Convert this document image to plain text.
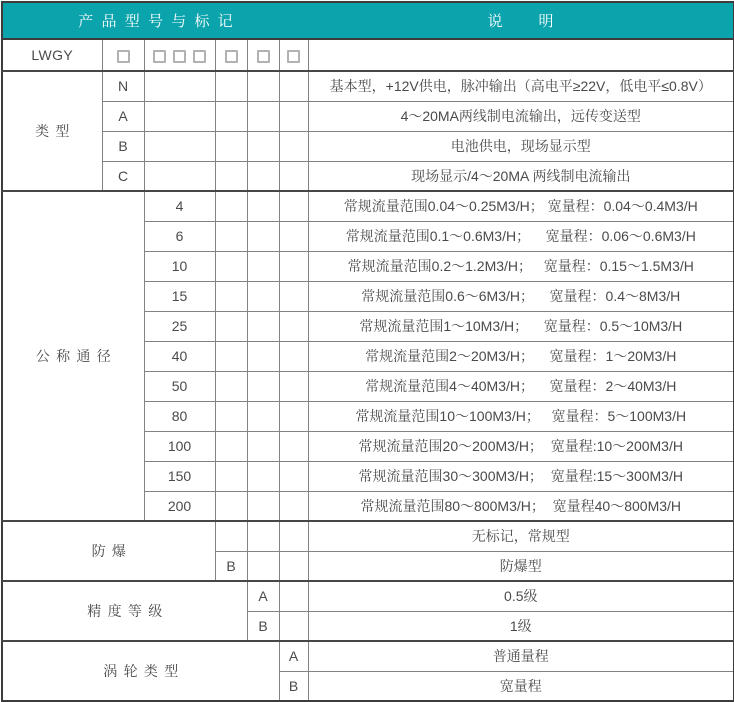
产品型号与标记						说明
LWGY						
类型	N					基本型，+12V供电，脉冲输出（高电平≥22V，低电平≤0.8V）
	A					4～20MA两线制电流输出，远传变送型
	B					电池供电，现场显示型
	C					现场显示/4～20MA 两线制电流输出
公称通径		4				常规流量范围0.04～0.25M3/H； 宽量程：0.04～0.4M3/H
		6				常规流量范围0.1～0.6M3/H；    宽量程：0.06～0.6M3/H
		10				常规流量范围0.2～1.2M3/H；   宽量程：0.15～1.5M3/H
		15				常规流量范围0.6～6M3/H；    宽量程：0.4～8M3/H
		25				常规流量范围1～10M3/H；    宽量程：0.5～10M3/H
		40				常规流量范围2～20M3/H；    宽量程：1～20M3/H
		50				常规流量范围4～40M3/H；    宽量程：2～40M3/H
		80				常规流量范围10～100M3/H；   宽量程：5～100M3/H
		100				常规流量范围20～200M3/H；  宽量程:10～200M3/H
		150				常规流量范围30～300M3/H；  宽量程:15～300M3/H
		200				常规流量范围80～800M3/H；  宽量程40～800M3/H
防爆						无标记，常规型
			B			防爆型
精度等级				A		0.5级
				B		1级
涡轮类型					A	普通量程
					B	宽量程
